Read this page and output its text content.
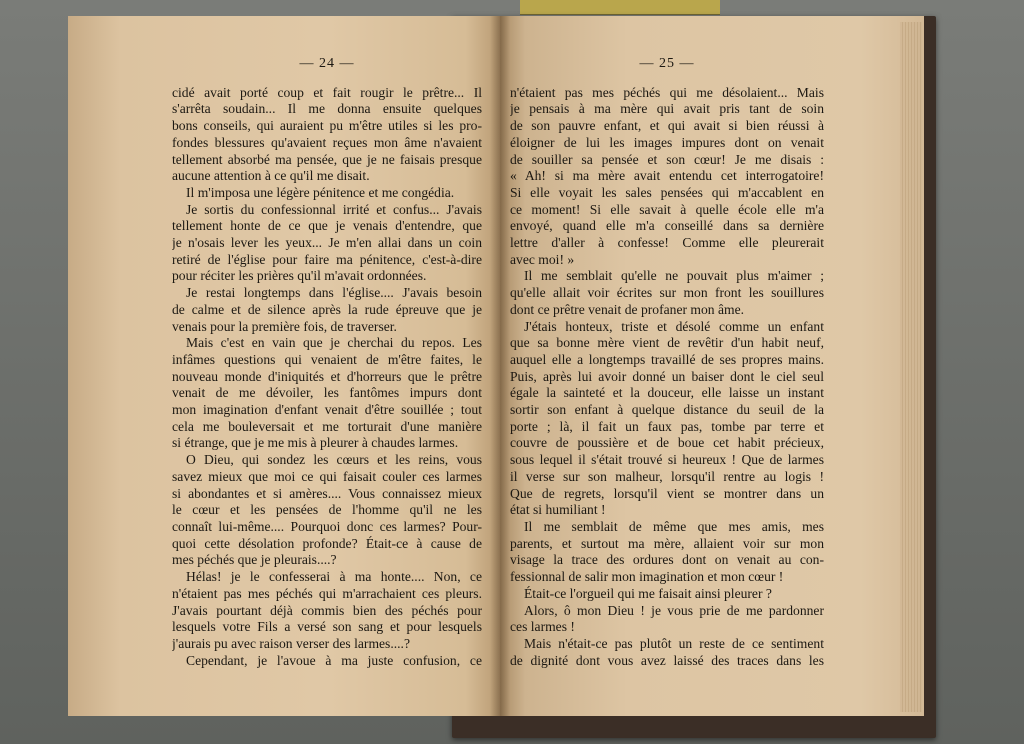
— 24 —
cidé avait porté coup et fait rougir le prêtre... Il
s'arrêta soudain... Il me donna ensuite quelques
bons conseils, qui auraient pu m'être utiles si les pro-
fondes blessures qu'avaient reçues mon âme n'avaient
tellement absorbé ma pensée, que je ne faisais presque
aucune attention à ce qu'il me disait.
Il m'imposa une légère pénitence et me congédia.
Je sortis du confessionnal irrité et confus... J'avais
tellement honte de ce que je venais d'entendre, que
je n'osais lever les yeux... Je m'en allai dans un coin
retiré de l'église pour faire ma pénitence, c'est-à-dire
pour réciter les prières qu'il m'avait ordonnées.
Je restai longtemps dans l'église.... J'avais besoin
de calme et de silence après la rude épreuve que je
venais pour la première fois, de traverser.
Mais c'est en vain que je cherchai du repos. Les
infâmes questions qui venaient de m'être faites, le
nouveau monde d'iniquités et d'horreurs que le prêtre
venait de me dévoiler, les fantômes impurs dont
mon imagination d'enfant venait d'être souillée ; tout
cela me bouleversait et me torturait d'une manière
si étrange, que je me mis à pleurer à chaudes larmes.
O Dieu, qui sondez les cœurs et les reins, vous
savez mieux que moi ce qui faisait couler ces larmes
si abondantes et si amères.... Vous connaissez mieux
le cœur et les pensées de l'homme qu'il ne les
connaît lui-même.... Pourquoi donc ces larmes? Pour-
quoi cette désolation profonde? Était-ce à cause de
mes péchés que je pleurais....?
Hélas! je le confesserai à ma honte.... Non, ce
n'étaient pas mes péchés qui m'arrachaient ces pleurs.
J'avais pourtant déjà commis bien des péchés pour
lesquels votre Fils a versé son sang et pour lesquels
j'aurais pu avec raison verser des larmes....?
Cependant, je l'avoue à ma juste confusion, ce
— 25 —
n'étaient pas mes péchés qui me désolaient... Mais
je pensais à ma mère qui avait pris tant de soin
de son pauvre enfant, et qui avait si bien réussi à
éloigner de lui les images impures dont on venait
de souiller sa pensée et son cœur! Je me disais :
« Ah! si ma mère avait entendu cet interrogatoire!
Si elle voyait les sales pensées qui m'accablent en
ce moment! Si elle savait à quelle école elle m'a
envoyé, quand elle m'a conseillé dans sa dernière
lettre d'aller à confesse! Comme elle pleurerait
avec moi! »
Il me semblait qu'elle ne pouvait plus m'aimer ;
qu'elle allait voir écrites sur mon front les souillures
dont ce prêtre venait de profaner mon âme.
J'étais honteux, triste et désolé comme un enfant
que sa bonne mère vient de revêtir d'un habit neuf,
auquel elle a longtemps travaillé de ses propres mains.
Puis, après lui avoir donné un baiser dont le ciel seul
égale la sainteté et la douceur, elle laisse un instant
sortir son enfant à quelque distance du seuil de la
porte ; là, il fait un faux pas, tombe par terre et
couvre de poussière et de boue cet habit précieux,
sous lequel il s'était trouvé si heureux ! Que de larmes
il verse sur son malheur, lorsqu'il rentre au logis !
Que de regrets, lorsqu'il vient se montrer dans un
état si humiliant !
Il me semblait de même que mes amis, mes
parents, et surtout ma mère, allaient voir sur mon
visage la trace des ordures dont on venait au con-
fessionnal de salir mon imagination et mon cœur !
Était-ce l'orgueil qui me faisait ainsi pleurer ?
Alors, ô mon Dieu ! je vous prie de me pardonner
ces larmes !
Mais n'était-ce pas plutôt un reste de ce sentiment
de dignité dont vous avez laissé des traces dans les
